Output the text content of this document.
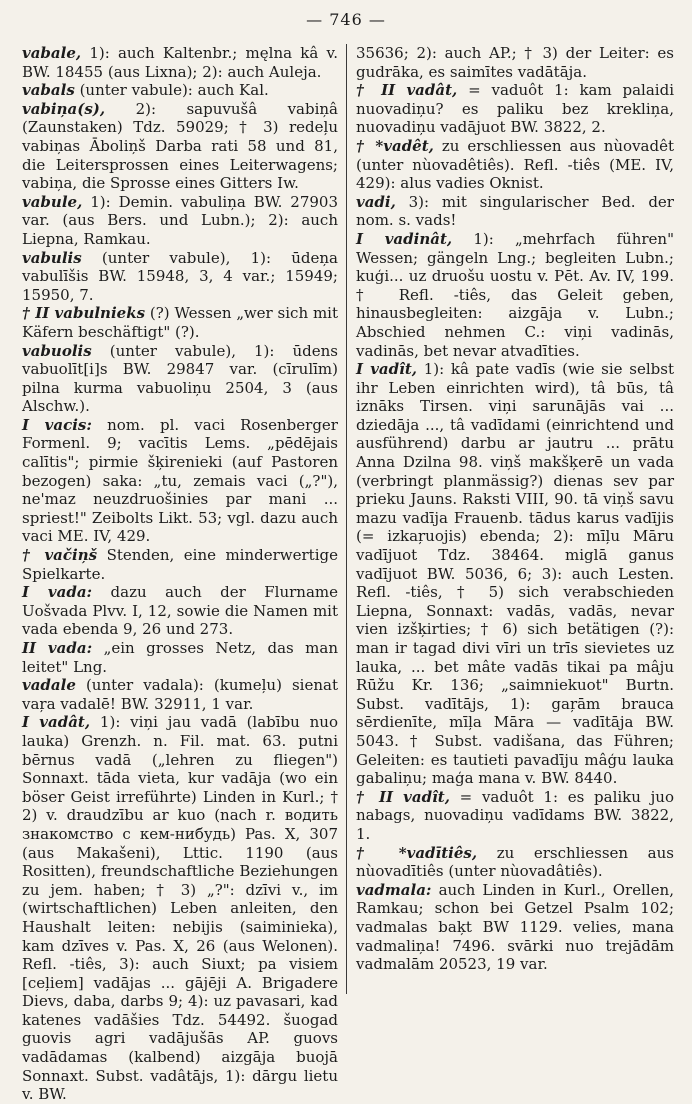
— 746 —

vabale, 1): auch Kaltenbr.; męlna kâ v. BW. 18455 (aus Lixna); 2): auch Auleja.

vabals (unter vabule): auch Kal.

vabiņa(s), 2): sapuvušâ vabiņâ (Zaunstaken) Tdz. 59029; † 3) redeļu vabiņas Āboliņš Darba rati 58 und 81, die Leitersprossen eines Leiterwagens; vabiņa, die Sprosse eines Gitters Iw.

vabule, 1): Demin. vabuliņa BW. 27903 var. (aus Bers. und Lubn.); 2): auch Liepna, Ramkau.

vabulis (unter vabule), 1): ūdeņa vabulīšis BW. 15948, 3, 4 var.; 15949; 15950, 7.

† II vabulnieks (?) Wessen „wer sich mit Käfern beschäftigt" (?).

vabuolis (unter vabule), 1): ūdens vabuolīt[i]s BW. 29847 var. (cīrulīm) pilna kurma vabuoliņu 2504, 3 (aus Alschw.).

I vacis: nom. pl. vaci Rosenberger Formenl. 9; vacītis Lems. „pēdējais calītis"; pirmie šķirenieki (auf Pastoren bezogen) saka: „tu, zemais vaci („?"), ne'maz neuzdruošinies par mani ... spriest!" Zeibolts Likt. 53; vgl. dazu auch vaci ME. IV, 429.

† vačiņš Stenden, eine minderwertige Spielkarte.

I vada: dazu auch der Flurname Uošvada Plvv. I, 12, sowie die Namen mit vada ebenda 9, 26 und 273.

II vada: „ein grosses Netz, das man leitet" Lng.

vadale (unter vadala): (kumeļu) sienat vaŗa vadalē! BW. 32911, 1 var.

I vadât, 1): viņi jau vadā (labību nuo lauka) Grenzh. n. Fil. mat. 63. putni bērnus vadā („lehren zu fliegen") Sonnaxt. tāda vieta, kur vadāja (wo ein böser Geist irreführte) Linden in Kurl.; † 2) v. draudzību ar kuo (nach r. водить знакомство с кем-нибудь) Pas. X, 307 (aus Makašeni), Lttic. 1190 (aus Rositten), freundschaftliche Beziehungen zu jem. haben; † 3) „?": dzīvi v., im (wirtschaftlichen) Leben anleiten, den Haushalt leiten: nebijis (saiminieka), kam dzīves v. Pas. X, 26 (aus Welonen). Refl. -tiês, 3): auch Siuxt; pa visiem [ceļiem] vadājas ... gājēji A. Brigadere Dievs, daba, darbs 9; 4): uz pavasari, kad katenes vadāšies Tdz. 54492. šuogad guovis agri vadājušās AP. guovs vadādamas (kalbend) aizgāja buojā Sonnaxt. Subst. vadâtājs, 1): dārgu lietu v. BW.

35636; 2): auch AP.; † 3) der Leiter: es gudrāka, es saimītes vadātāja.

† II vadât, = vaduôt 1: kam palaidi nuovadiņu? es paliku bez krekliņa, nuovadiņu vadājuot BW. 3822, 2.

† *vadêt, zu erschliessen aus nùovadêt (unter nùovadêtiês). Refl. -tiês (ME. IV, 429): alus vadies Oknist.

vadi, 3): mit singularischer Bed. der nom. s. vads!

I vadinât, 1): „mehrfach führen" Wessen; gängeln Lng.; begleiten Lubn.; kuģi... uz druošu uostu v. Pēt. Av. IV, 199. † Refl. -tiês, das Geleit geben, hinausbegleiten: aizgāja v. Lubn.; Abschied nehmen C.: viņi vadinās, vadinās, bet nevar atvadīties.

I vadît, 1): kâ pate vadīs (wie sie selbst ihr Leben einrichten wird), tâ būs, tâ iznāks Tirsen. viņi sarunājās vai ... dziedāja ..., tâ vadīdami (einrichtend und ausführend) darbu ar jautru ... prātu Anna Dzilna 98. viņš makšķerē un vada (verbringt planmässig?) dienas sev par prieku Jauns. Raksti VIII, 90. tā viņš savu mazu vadīja Frauenb. tādus karus vadījis (= izkaŗuojis) ebenda; 2): mīļu Māru vadījuot Tdz. 38464. miglā ganus vadījuot BW. 5036, 6; 3): auch Lesten. Refl. -tiês, † 5) sich verabschieden Liepna, Sonnaxt: vadās, vadās, nevar vien izšķirties; † 6) sich betätigen (?): man ir tagad divi vīri un trīs sievietes uz lauka, ... bet mâte vadās tikai pa mâju Rūžu Kr. 136; „saimniekuot" Burtn. Subst. vadītājs, 1): gaŗām brauca sērdienīte, mīļa Māra — vadītāja BW. 5043. † Subst. vadišana, das Führen; Geleiten: es tautieti pavadīju mâģu lauka gabaliņu; maģa mana v. BW. 8440.

† II vadît, = vaduôt 1: es paliku juo nabags, nuovadiņu vadīdams BW. 3822, 1.

† *vadītiês, zu erschliessen aus nùovadītiês (unter nùovadâtiês).

vadmala: auch Linden in Kurl., Orellen, Ramkau; schon bei Getzel Psalm 102; vadmalas baķt BW 1129. velies, mana vadmaliņa! 7496. svārki nuo trejādām vadmalām 20523, 19 var.
